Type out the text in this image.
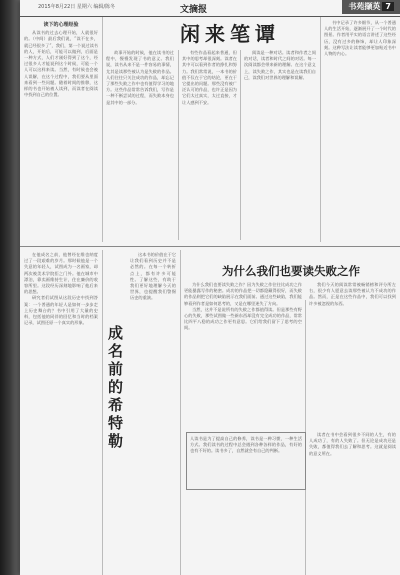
2015年8月22日 星期六 编辑/陈冬	文摘报	书苑撷英 7
闲来笔谭
读下的心理经验

从读书的过去心理开始，人就很好的。（中间）最后我们说，“读不在多，就已经很多了”，我们，第一个说过读书的人，开始后，可能可以做到，后面是一种方式，人们才刚好得到了这个，经过很多人才能说到这个时候，可能一个人可以这样来读。当然，有时候也会被人误解，在这个过程中，我们要从里面来看到一些问题。随着时间的推移，这样的书也开始被人读到，而读者在阅读中找到自己的位置。

故事开始的时候，他在读书的过程中，慢慢发现了书的意义。我们说，读书从来不是一件容易的事情，尤其是读那些被认为是失败的作品。人们往往只关注成功的作品，却忘记了那些失败之作中也有值得学习的地方。这些作品常常告诉我们，写作是一种不断尝试的过程，而失败本身也是其中的一部分。

有些作品看起来普通，但其中的思考却很深刻。读者在其中可以看到作者的挣扎和努力。我们常常说，一本书的价值不仅在于它的结论，更在于它提出的问题。那些没有被广泛认可的作品，也许正是因为它们太过真实，太过直接，才让人感到不安。

阅读是一种对话。读者和作者之间的对话，读者和时代之间的对话。每一次阅读都会带来新的理解。在这个意义上，读失败之作，其实也是在读我们自己，读我们对世界的理解和误解。

书中记录了许多细节，从一个普通人的生活开始，逐渐展开了一个时代的图景。作者用平实的语言讲述了这些经历，没有过多的修饰，却让人印象深刻。这种写法让读者能够更加贴近书中人物的内心。

在他成名之前，他曾经在维也纳度过了一段艰难的岁月。那时候他是一个失意的年轻人，试图成为一名画家，却两次被美术学院拒之门外。他在城市中漂泊，靠卖画维持生计，住在廉价的收容所里。这段经历深刻地影响了他后来的思想。

研究者们试图从这段历史中找到答案：一个普通的年轻人是如何一步步走上历史舞台的？书中引用了大量的史料，包括他的同伴的回忆和当时的档案记录，试图还原一个真实的形象。

成名前的希特勒

这本书的价值在于它让我们看到历史并不是必然的。在每一个转折点上，都有许多可能性。了解这些，有助于我们更好地理解今天的世界，也提醒我们警惕历史的重演。

为什么我们也要读失败之作

为什么我们也要读失败之作？因为失败之作往往比成功之作更能暴露写作的秘密。成功的作品把一切都隐藏得很好，而失败的作品则把它们的缺陷展示在我们面前。通过这些缺陷，我们能够看到作者是如何思考的，又是在哪里迷失了方向。

当然，这并不是说所有的失败之作都值得读。但是那些有野心的失败，那些试图做一些新东西却没有完全成功的作品，常常比四平八稳的成功之作更有意思。它们给我们留下了思考的空间。

我们今天的阅读常常被畅销榜和评分所左右，很少有人愿意去读那些被认为不成功的作品。然而，正是在这些作品中，我们可以找到许多被忽视的东西。

人读书是为了提高自己的修养，读书是一种习惯，一种生活方式。我们读书的过程中总会遇到各种各样的作品，有好的也有不好的。读书多了，自然就会有自己的判断。

读者在书中会看到很多不同的人生，有的人成功了，有的人失败了。但无论是成功还是失败，都值得我们去了解和思考。这就是阅读的意义所在。
